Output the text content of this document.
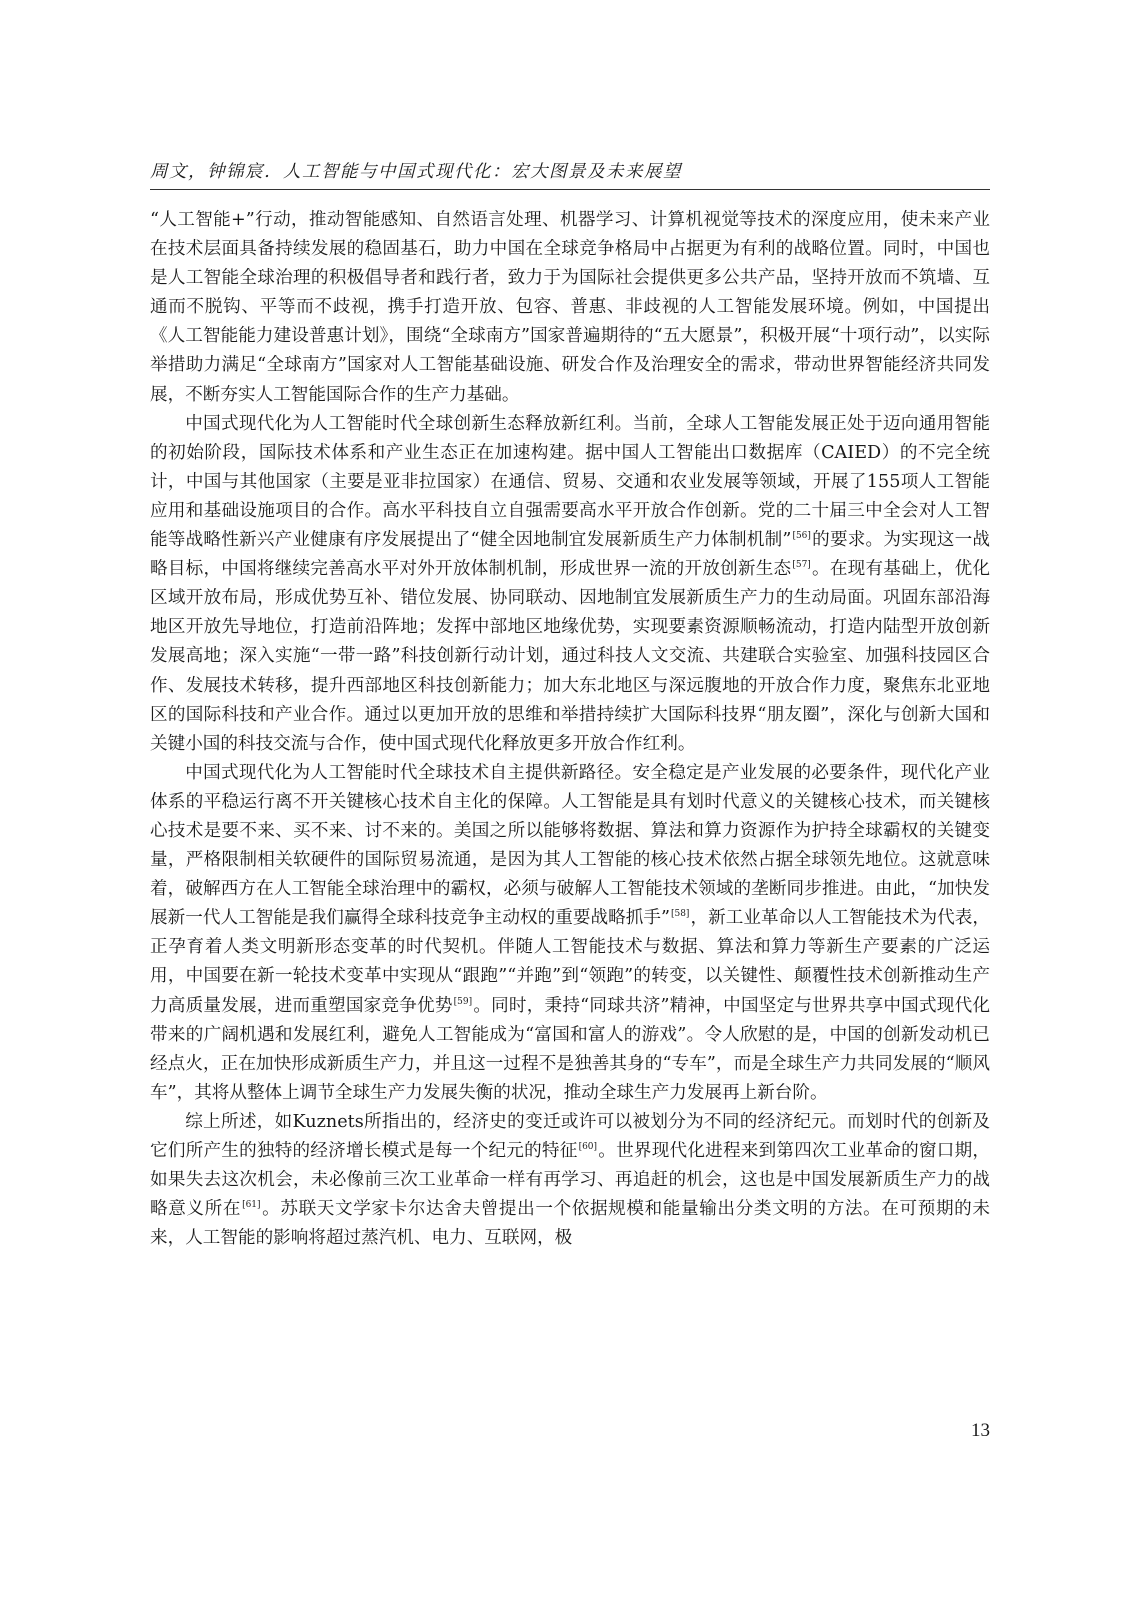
周文，钟锦宸．人工智能与中国式现代化：宏大图景及未来展望

“人工智能+”行动，推动智能感知、自然语言处理、机器学习、计算机视觉等技术的深度应用，使未来产业在技术层面具备持续发展的稳固基石，助力中国在全球竞争格局中占据更为有利的战略位置。同时，中国也是人工智能全球治理的积极倡导者和践行者，致力于为国际社会提供更多公共产品，坚持开放而不筑墙、互通而不脱钩、平等而不歧视，携手打造开放、包容、普惠、非歧视的人工智能发展环境。例如，中国提出《人工智能能力建设普惠计划》，围绕“全球南方”国家普遍期待的“五大愿景”，积极开展“十项行动”，以实际举措助力满足“全球南方”国家对人工智能基础设施、研发合作及治理安全的需求，带动世界智能经济共同发展，不断夯实人工智能国际合作的生产力基础。

中国式现代化为人工智能时代全球创新生态释放新红利。当前，全球人工智能发展正处于迈向通用智能的初始阶段，国际技术体系和产业生态正在加速构建。据中国人工智能出口数据库（CAIED）的不完全统计，中国与其他国家（主要是亚非拉国家）在通信、贸易、交通和农业发展等领域，开展了155项人工智能应用和基础设施项目的合作。高水平科技自立自强需要高水平开放合作创新。党的二十届三中全会对人工智能等战略性新兴产业健康有序发展提出了“健全因地制宜发展新质生产力体制机制”[56]的要求。为实现这一战略目标，中国将继续完善高水平对外开放体制机制，形成世界一流的开放创新生态[57]。在现有基础上，优化区域开放布局，形成优势互补、错位发展、协同联动、因地制宜发展新质生产力的生动局面。巩固东部沿海地区开放先导地位，打造前沿阵地；发挥中部地区地缘优势，实现要素资源顺畅流动，打造内陆型开放创新发展高地；深入实施“一带一路”科技创新行动计划，通过科技人文交流、共建联合实验室、加强科技园区合作、发展技术转移，提升西部地区科技创新能力；加大东北地区与深远腹地的开放合作力度，聚焦东北亚地区的国际科技和产业合作。通过以更加开放的思维和举措持续扩大国际科技界“朋友圈”，深化与创新大国和关键小国的科技交流与合作，使中国式现代化释放更多开放合作红利。

中国式现代化为人工智能时代全球技术自主提供新路径。安全稳定是产业发展的必要条件，现代化产业体系的平稳运行离不开关键核心技术自主化的保障。人工智能是具有划时代意义的关键核心技术，而关键核心技术是要不来、买不来、讨不来的。美国之所以能够将数据、算法和算力资源作为护持全球霸权的关键变量，严格限制相关软硬件的国际贸易流通，是因为其人工智能的核心技术依然占据全球领先地位。这就意味着，破解西方在人工智能全球治理中的霸权，必须与破解人工智能技术领域的垄断同步推进。由此，“加快发展新一代人工智能是我们赢得全球科技竞争主动权的重要战略抓手”[58]，新工业革命以人工智能技术为代表，正孕育着人类文明新形态变革的时代契机。伴随人工智能技术与数据、算法和算力等新生产要素的广泛运用，中国要在新一轮技术变革中实现从“跟跑”“并跑”到“领跑”的转变，以关键性、颠覆性技术创新推动生产力高质量发展，进而重塑国家竞争优势[59]。同时，秉持“同球共济”精神，中国坚定与世界共享中国式现代化带来的广阔机遇和发展红利，避免人工智能成为“富国和富人的游戏”。令人欣慰的是，中国的创新发动机已经点火，正在加快形成新质生产力，并且这一过程不是独善其身的“专车”，而是全球生产力共同发展的“顺风车”，其将从整体上调节全球生产力发展失衡的状况，推动全球生产力发展再上新台阶。

综上所述，如Kuznets所指出的，经济史的变迁或许可以被划分为不同的经济纪元。而划时代的创新及它们所产生的独特的经济增长模式是每一个纪元的特征[60]。世界现代化进程来到第四次工业革命的窗口期，如果失去这次机会，未必像前三次工业革命一样有再学习、再追赶的机会，这也是中国发展新质生产力的战略意义所在[61]。苏联天文学家卡尔达舍夫曾提出一个依据规模和能量输出分类文明的方法。在可预期的未来，人工智能的影响将超过蒸汽机、电力、互联网，极

13
